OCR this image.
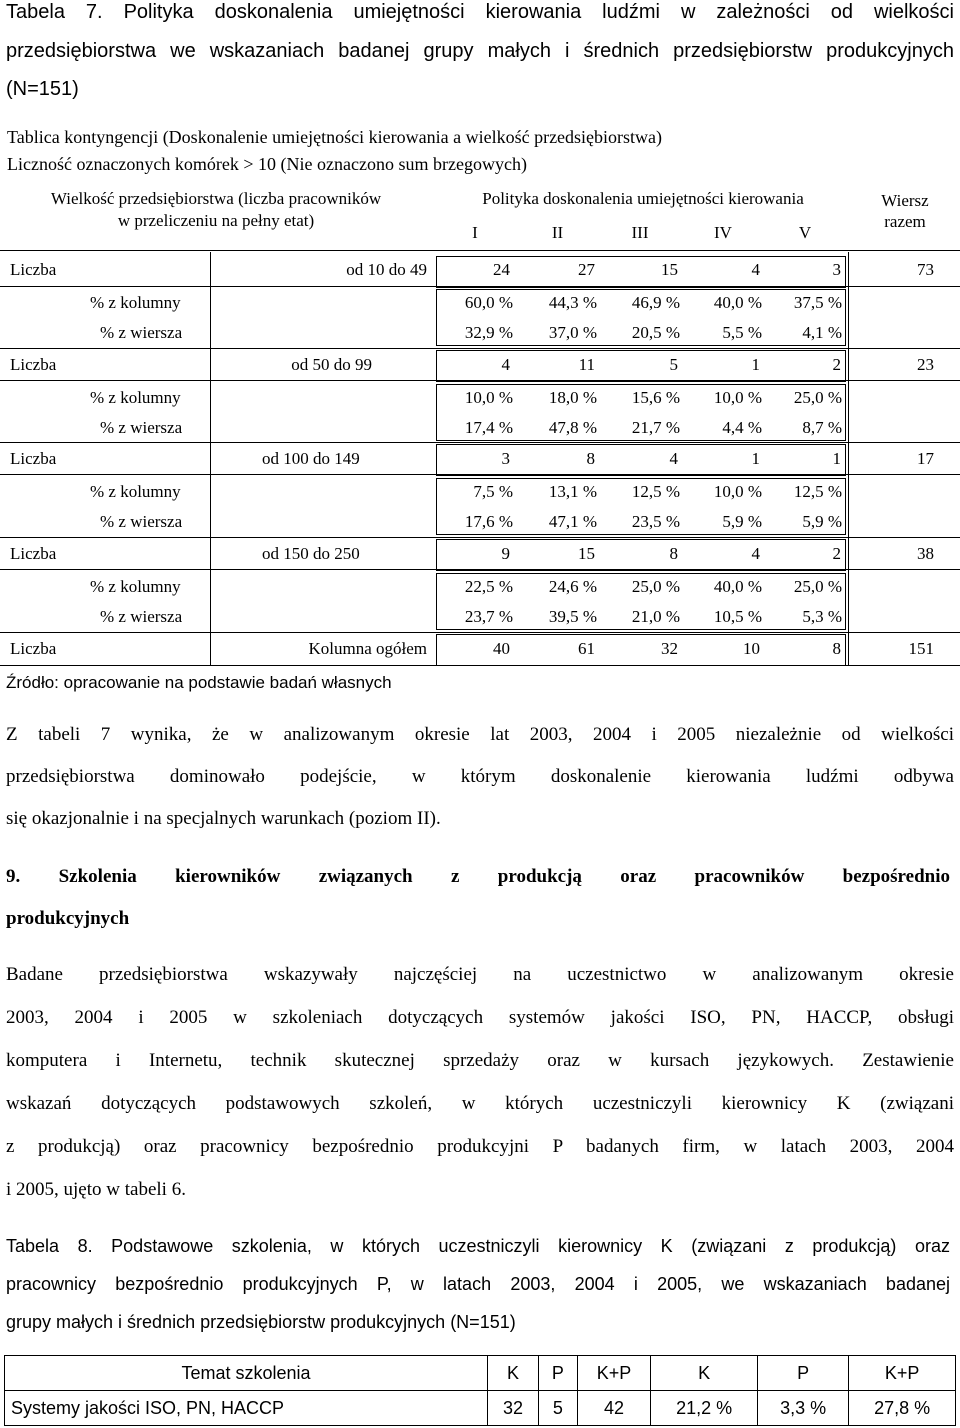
Tabela 7. Polityka doskonalenia umiejętności kierowania ludźmi w zależności od wielkości
przedsiębiorstwa we wskazaniach badanej grupy małych i średnich przedsiębiorstw produkcyjnych
(N=151)
Tablica kontyngencji (Doskonalenie umiejętności kierowania a wielkość przedsiębiorstwa)
Liczność oznaczonych komórek > 10 (Nie oznaczono sum brzegowych)
Wielkość przedsiębiorstwa (liczba pracowników
w przeliczeniu na pełny etat)
Polityka doskonalenia umiejętności kierowania	Wiersz
razem
I	II	III	IV	V
Liczba	od 10 do 49	24	27	15	4	3	73
% z kolumny	60,0 %	44,3 %	46,9 %	40,0 %	37,5 %
% z wiersza	32,9 %	37,0 %	20,5 %	5,5 %	4,1 %
Liczba	od 50 do 99	4	11	5	1	2	23
% z kolumny	10,0 %	18,0 %	15,6 %	10,0 %	25,0 %
% z wiersza	17,4 %	47,8 %	21,7 %	4,4 %	8,7 %
Liczba	od 100 do 149	3	8	4	1	1	17
% z kolumny	7,5 %	13,1 %	12,5 %	10,0 %	12,5 %
% z wiersza	17,6 %	47,1 %	23,5 %	5,9 %	5,9 %
Liczba	od 150 do 250	9	15	8	4	2	38
% z kolumny	22,5 %	24,6 %	25,0 %	40,0 %	25,0 %
% z wiersza	23,7 %	39,5 %	21,0 %	10,5 %	5,3 %
Liczba	Kolumna ogółem	40	61	32	10	8	151
Źródło: opracowanie na podstawie badań własnych
Z tabeli 7 wynika, że w analizowanym okresie lat 2003, 2004 i 2005 niezależnie od wielkości
przedsiębiorstwa dominowało podejście, w którym doskonalenie kierowania ludźmi odbywa
się okazjonalnie i na specjalnych warunkach (poziom II).
9. Szkolenia kierowników związanych z produkcją oraz pracowników bezpośrednio
produkcyjnych
Badane przedsiębiorstwa wskazywały najczęściej na uczestnictwo w analizowanym okresie
2003, 2004 i 2005 w szkoleniach dotyczących systemów jakości ISO, PN, HACCP, obsługi
komputera i Internetu, technik skutecznej sprzedaży oraz w kursach językowych. Zestawienie
wskazań dotyczących podstawowych szkoleń, w których uczestniczyli kierownicy K (związani
z produkcją) oraz pracownicy bezpośrednio produkcyjni P badanych firm, w latach 2003, 2004
i 2005, ujęto w tabeli 6.
Tabela 8. Podstawowe szkolenia, w których uczestniczyli kierownicy K (związani z produkcją) oraz
pracownicy bezpośrednio produkcyjnych P, w latach 2003, 2004 i 2005, we wskazaniach badanej
grupy małych i średnich przedsiębiorstw produkcyjnych (N=151)
Temat szkolenia	K	P	K+P	K	P	K+P
Systemy jakości ISO, PN, HACCP	32	5	42	21,2 %	3,3 %	27,8 %
